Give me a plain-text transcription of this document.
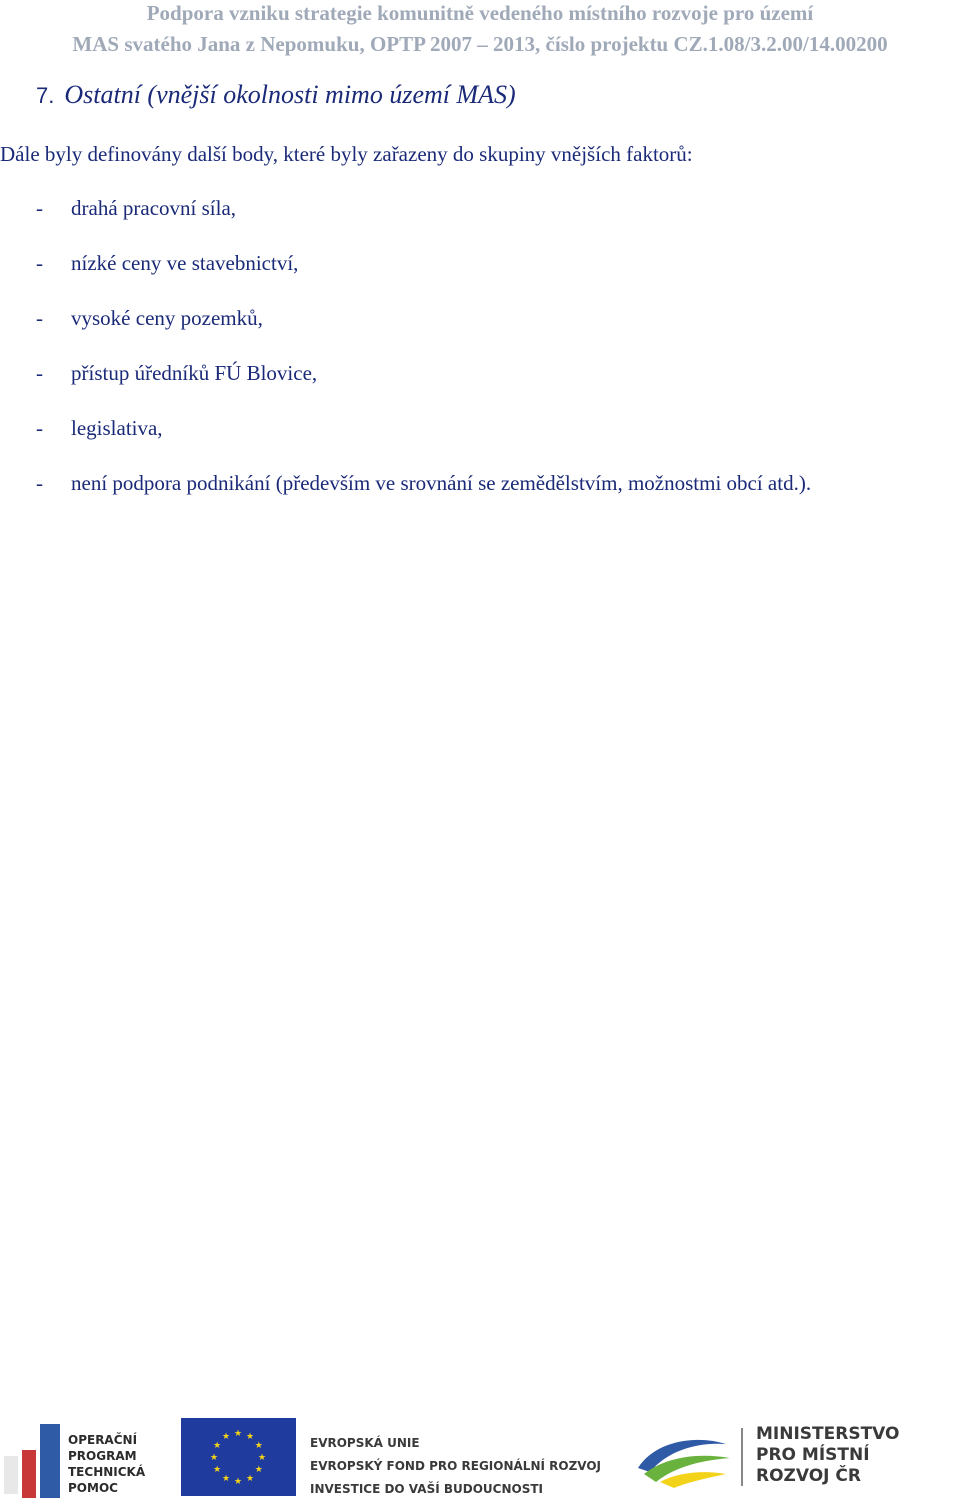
Podpora vzniku strategie komunitně vedeného místního rozvoje pro území
MAS svatého Jana z Nepomuku, OPTP 2007 – 2013, číslo projektu CZ.1.08/3.2.00/14.00200
7. Ostatní (vnější okolnosti mimo území MAS)
Dále byly definovány další body, které byly zařazeny do skupiny vnějších faktorů:
- drahá pracovní síla,
- nízké ceny ve stavebnictví,
- vysoké ceny pozemků,
- přístup úředníků FÚ Blovice,
- legislativa,
- není podpora podnikání (především ve srovnání se zemědělstvím, možnostmi obcí atd.).
OPERAČNÍ
PROGRAM
TECHNICKÁ
POMOC
★ ★
★
★
★
★
★
★
★
★
★
★	EVROPSKÁ UNIE
EVROPSKÝ FOND PRO REGIONÁLNÍ ROZVOJ
INVESTICE DO VAŠÍ BUDOUCNOSTI
MINISTERSTVO
PRO MÍSTNÍ
ROZVOJ ČR
